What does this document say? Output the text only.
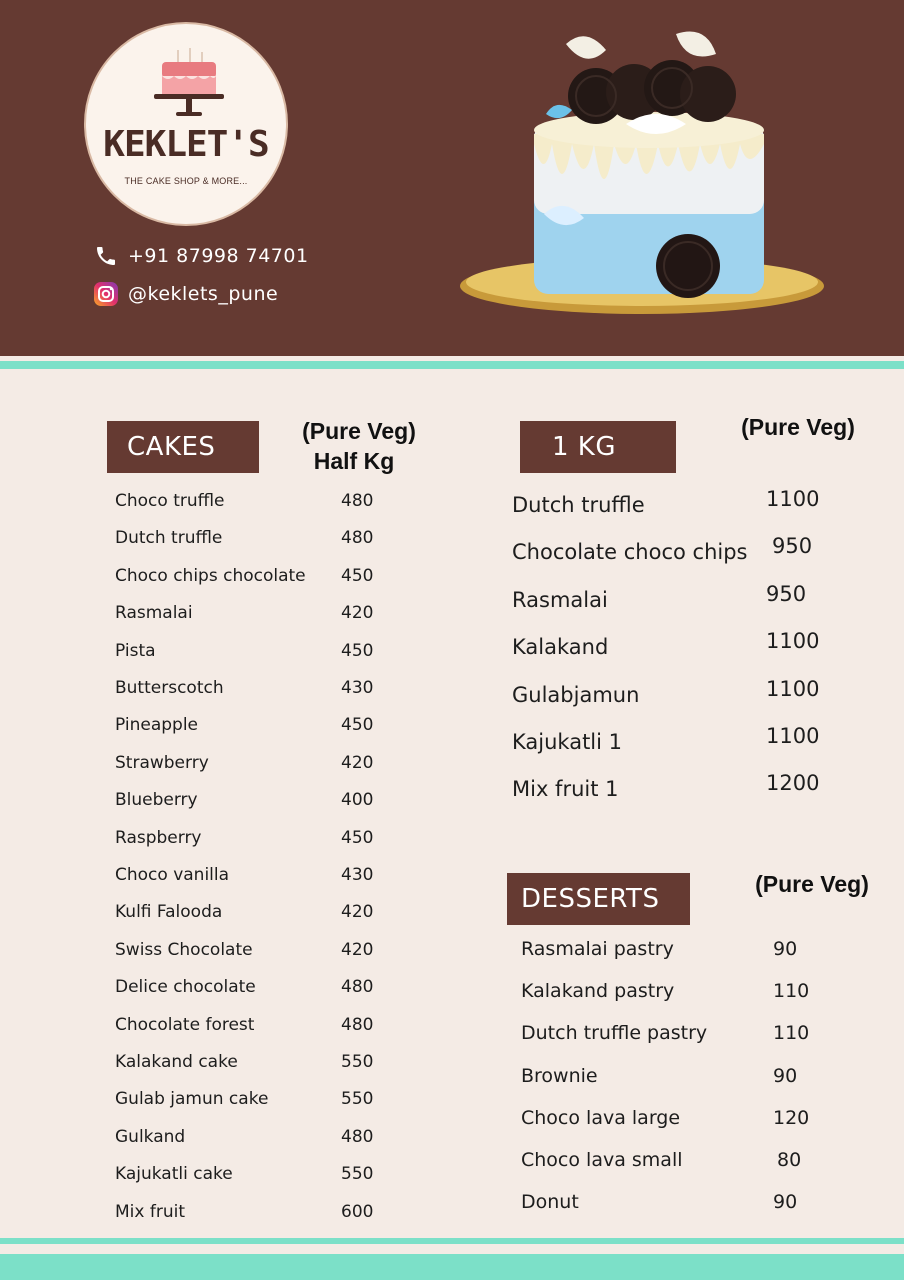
KEKLET'S
THE CAKE SHOP & MORE...
+91 87998 74701
@keklets_pune
CAKES
(Pure Veg)
Half Kg
Choco truffle	480
Dutch truffle	480
Choco chips chocolate 450
Rasmalai	420
Pista	450
Butterscotch	430
Pineapple	450
Strawberry	420
Blueberry	400
Raspberry	450
Choco vanilla	430
Kulfi Falooda	420
Swiss Chocolate	420
Delice chocolate	480
Chocolate forest	480
Kalakand cake	550
Gulab jamun cake	550
Gulkand	480
Kajukatli cake	550
Mix fruit	600
1 KG
(Pure Veg)
Dutch truffle	1100
Chocolate choco chips 950
Rasmalai	950
Kalakand	1100
Gulabjamun	1100
Kajukatli 1	1100
Mix fruit 1	1200
DESSERTS	(Pure Veg)
Rasmalai pastry	90
Kalakand pastry	110
Dutch truffle pastry	110
Brownie	90
Choco lava large	120
Choco lava small	80
Donut	90
